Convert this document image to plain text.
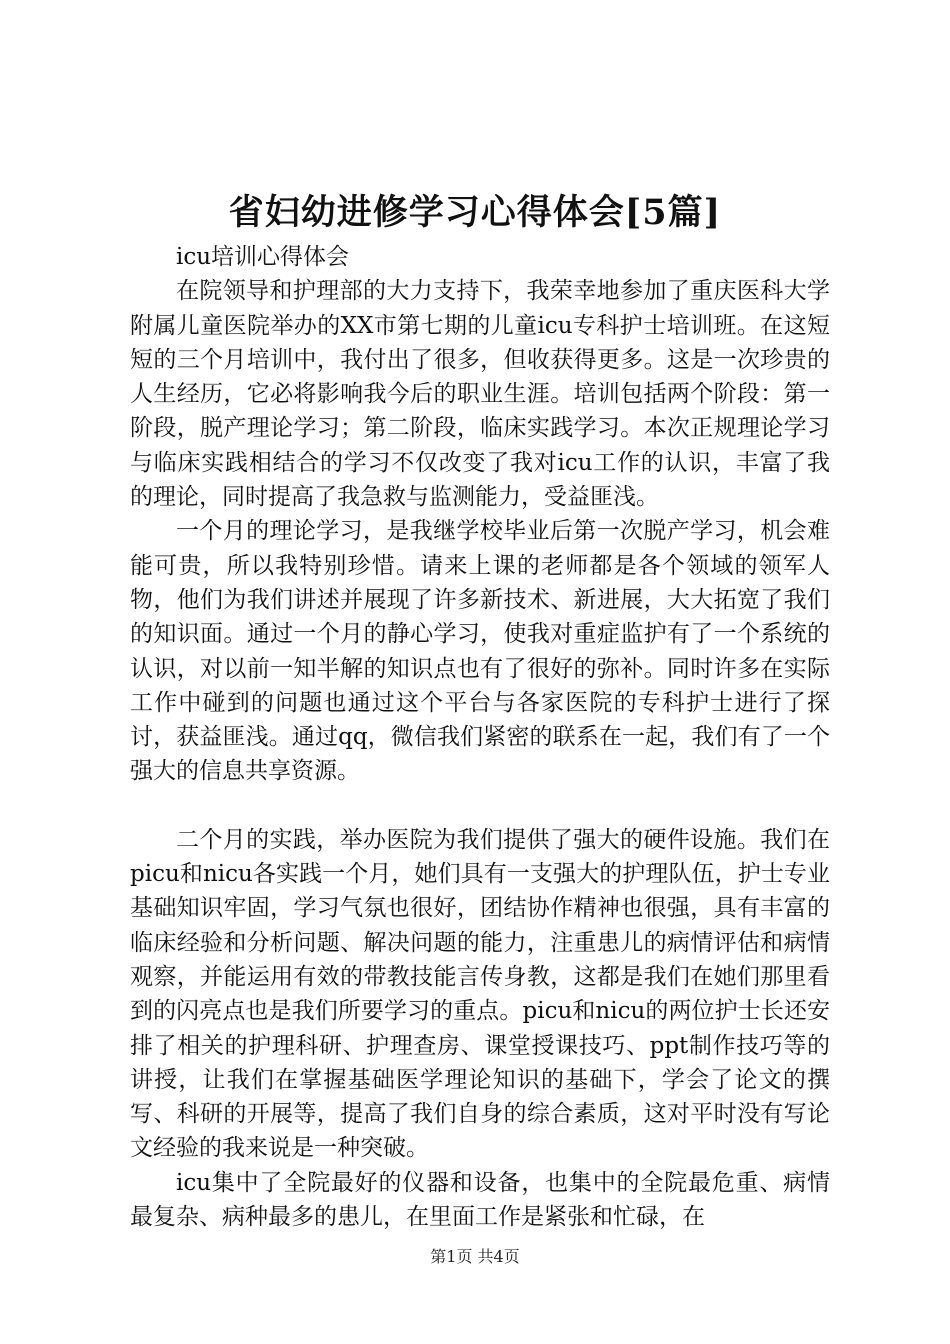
省妇幼进修学习心得体会[5篇]

icu培训心得体会

在院领导和护理部的大力支持下，我荣幸地参加了重庆医科大学附属儿童医院举办的XX市第七期的儿童icu专科护士培训班。在这短短的三个月培训中，我付出了很多，但收获得更多。这是一次珍贵的人生经历，它必将影响我今后的职业生涯。培训包括两个阶段：第一阶段，脱产理论学习；第二阶段，临床实践学习。本次正规理论学习与临床实践相结合的学习不仅改变了我对icu工作的认识，丰富了我的理论，同时提高了我急救与监测能力，受益匪浅。

一个月的理论学习，是我继学校毕业后第一次脱产学习，机会难能可贵，所以我特别珍惜。请来上课的老师都是各个领域的领军人物，他们为我们讲述并展现了许多新技术、新进展，大大拓宽了我们的知识面。通过一个月的静心学习，使我对重症监护有了一个系统的认识，对以前一知半解的知识点也有了很好的弥补。同时许多在实际工作中碰到的问题也通过这个平台与各家医院的专科护士进行了探讨，获益匪浅。通过qq，微信我们紧密的联系在一起，我们有了一个强大的信息共享资源。

二个月的实践，举办医院为我们提供了强大的硬件设施。我们在picu和nicu各实践一个月，她们具有一支强大的护理队伍，护士专业基础知识牢固，学习气氛也很好，团结协作精神也很强，具有丰富的临床经验和分析问题、解决问题的能力，注重患儿的病情评估和病情观察，并能运用有效的带教技能言传身教，这都是我们在她们那里看到的闪亮点也是我们所要学习的重点。picu和nicu的两位护士长还安排了相关的护理科研、护理查房、课堂授课技巧、ppt制作技巧等的讲授，让我们在掌握基础医学理论知识的基础下，学会了论文的撰写、科研的开展等，提高了我们自身的综合素质，这对平时没有写论文经验的我来说是一种突破。

icu集中了全院最好的仪器和设备，也集中的全院最危重、病情最复杂、病种最多的患儿，在里面工作是紧张和忙碌，在

第1页 共4页
